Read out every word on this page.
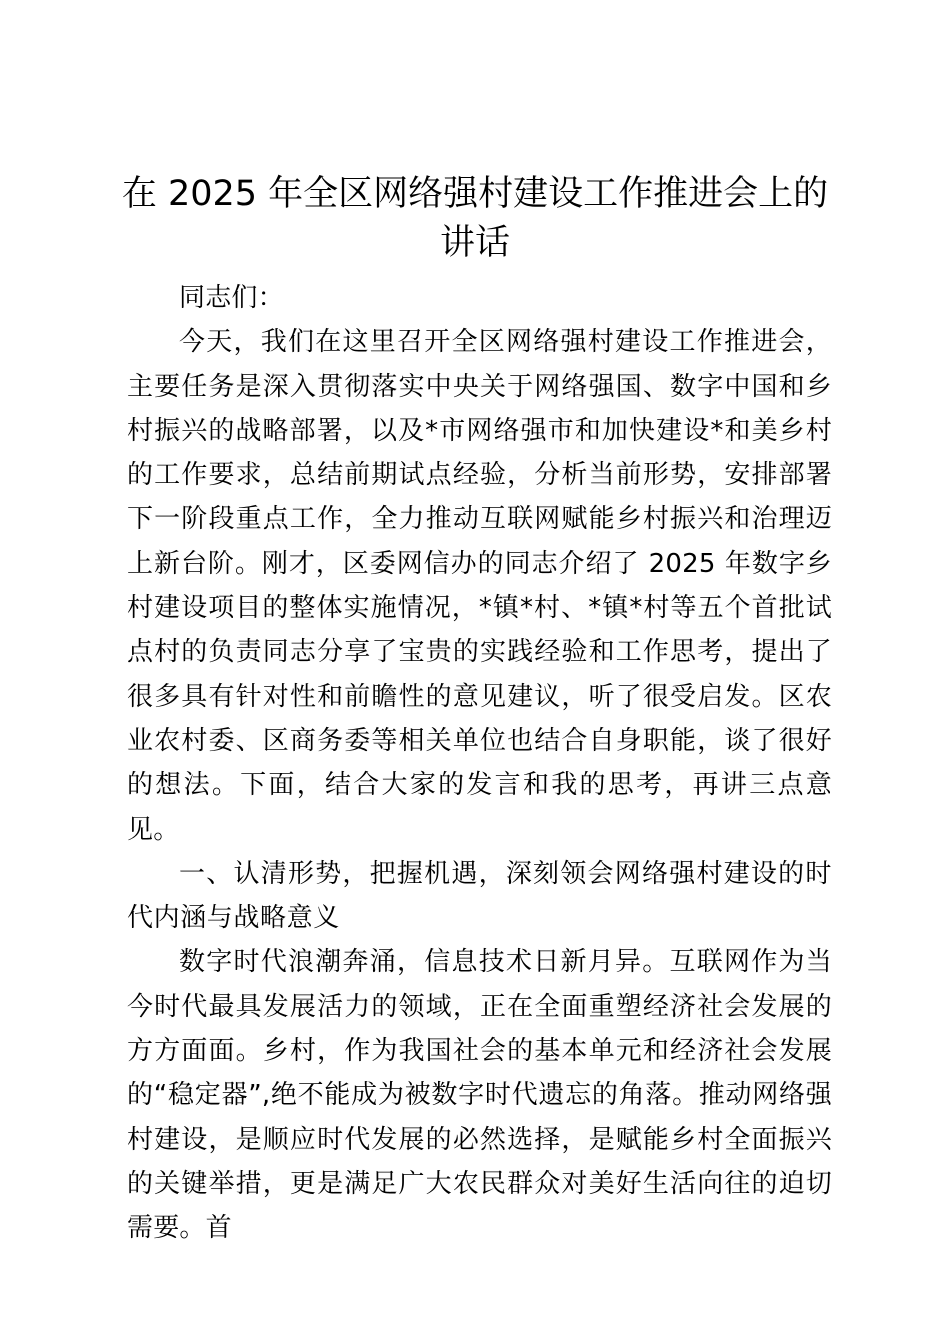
在 2025 年全区网络强村建设工作推进会上的
讲话

同志们：

今天，我们在这里召开全区网络强村建设工作推进会，主要任务是深入贯彻落实中央关于网络强国、数字中国和乡村振兴的战略部署，以及*市网络强市和加快建设*和美乡村的工作要求，总结前期试点经验，分析当前形势，安排部署下一阶段重点工作，全力推动互联网赋能乡村振兴和治理迈上新台阶。刚才，区委网信办的同志介绍了 2025 年数字乡村建设项目的整体实施情况，*镇*村、*镇*村等五个首批试点村的负责同志分享了宝贵的实践经验和工作思考，提出了很多具有针对性和前瞻性的意见建议，听了很受启发。区农业农村委、区商务委等相关单位也结合自身职能，谈了很好的想法。下面，结合大家的发言和我的思考，再讲三点意见。

一、认清形势，把握机遇，深刻领会网络强村建设的时代内涵与战略意义

数字时代浪潮奔涌，信息技术日新月异。互联网作为当今时代最具发展活力的领域，正在全面重塑经济社会发展的方方面面。乡村，作为我国社会的基本单元和经济社会发展的“稳定器”,绝不能成为被数字时代遗忘的角落。推动网络强村建设，是顺应时代发展的必然选择，是赋能乡村全面振兴的关键举措，更是满足广大农民群众对美好生活向往的迫切需要。首
